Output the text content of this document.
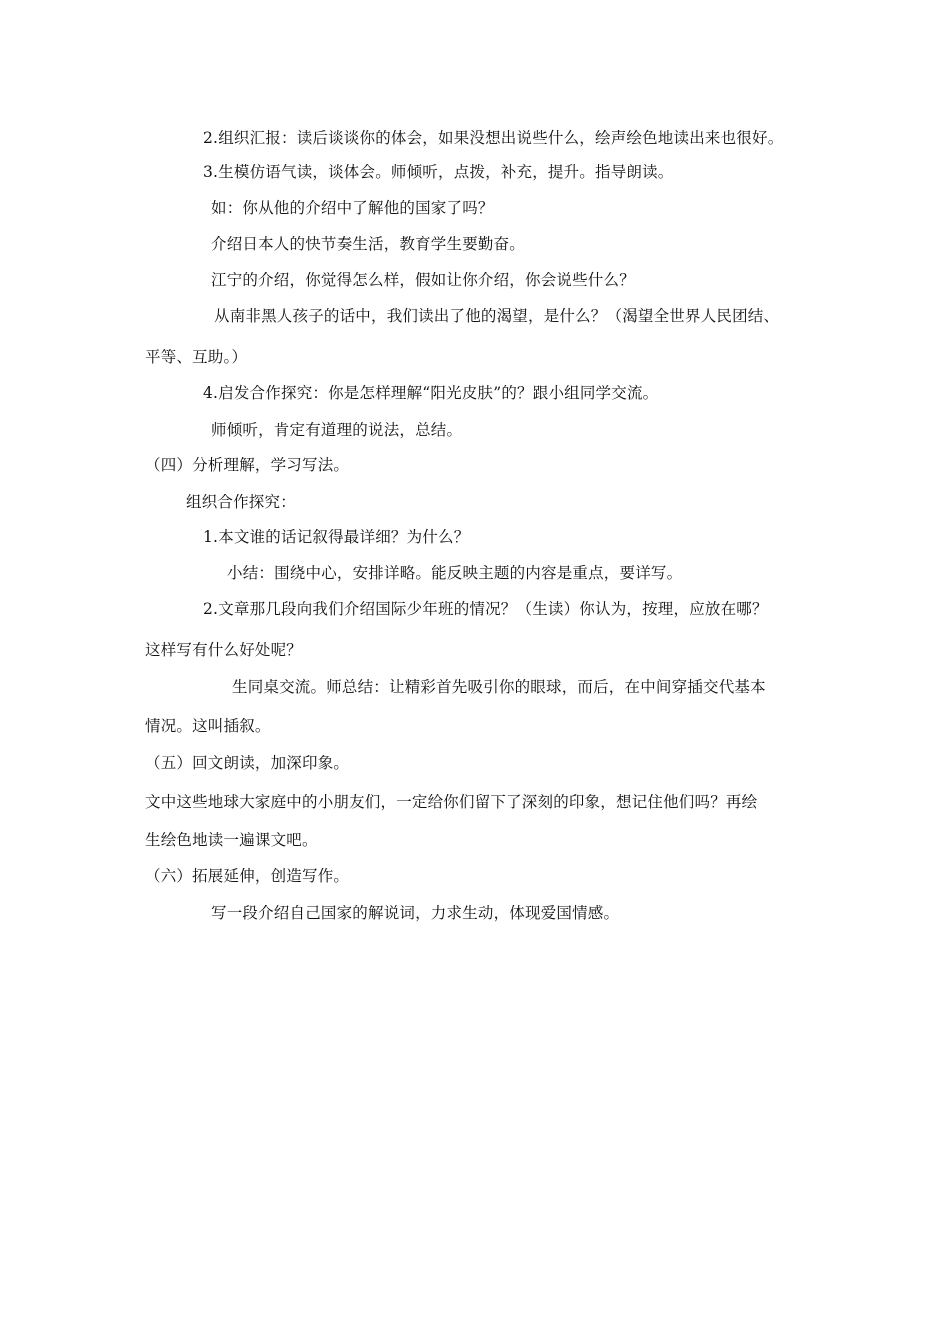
2.组织汇报：读后谈谈你的体会，如果没想出说些什么，绘声绘色地读出来也很好。
3.生模仿语气读，谈体会。师倾听，点拨，补充，提升。指导朗读。
如：你从他的介绍中了解他的国家了吗？
介绍日本人的快节奏生活，教育学生要勤奋。
江宁的介绍，你觉得怎么样，假如让你介绍，你会说些什么？
从南非黑人孩子的话中，我们读出了他的渴望，是什么？（渴望全世界人民团结、
平等、互助。）
4.启发合作探究：你是怎样理解“阳光皮肤”的？跟小组同学交流。
师倾听，肯定有道理的说法，总结。
（四）分析理解，学习写法。
组织合作探究：
1.本文谁的话记叙得最详细？为什么？
小结：围绕中心，安排详略。能反映主题的内容是重点，要详写。
2.文章那几段向我们介绍国际少年班的情况？（生读）你认为，按理，应放在哪？
这样写有什么好处呢？
生同桌交流。师总结：让精彩首先吸引你的眼球，而后，在中间穿插交代基本
情况。这叫插叙。
（五）回文朗读，加深印象。
文中这些地球大家庭中的小朋友们，一定给你们留下了深刻的印象，想记住他们吗？再绘
生绘色地读一遍课文吧。
（六）拓展延伸，创造写作。
写一段介绍自己国家的解说词，力求生动，体现爱国情感。
